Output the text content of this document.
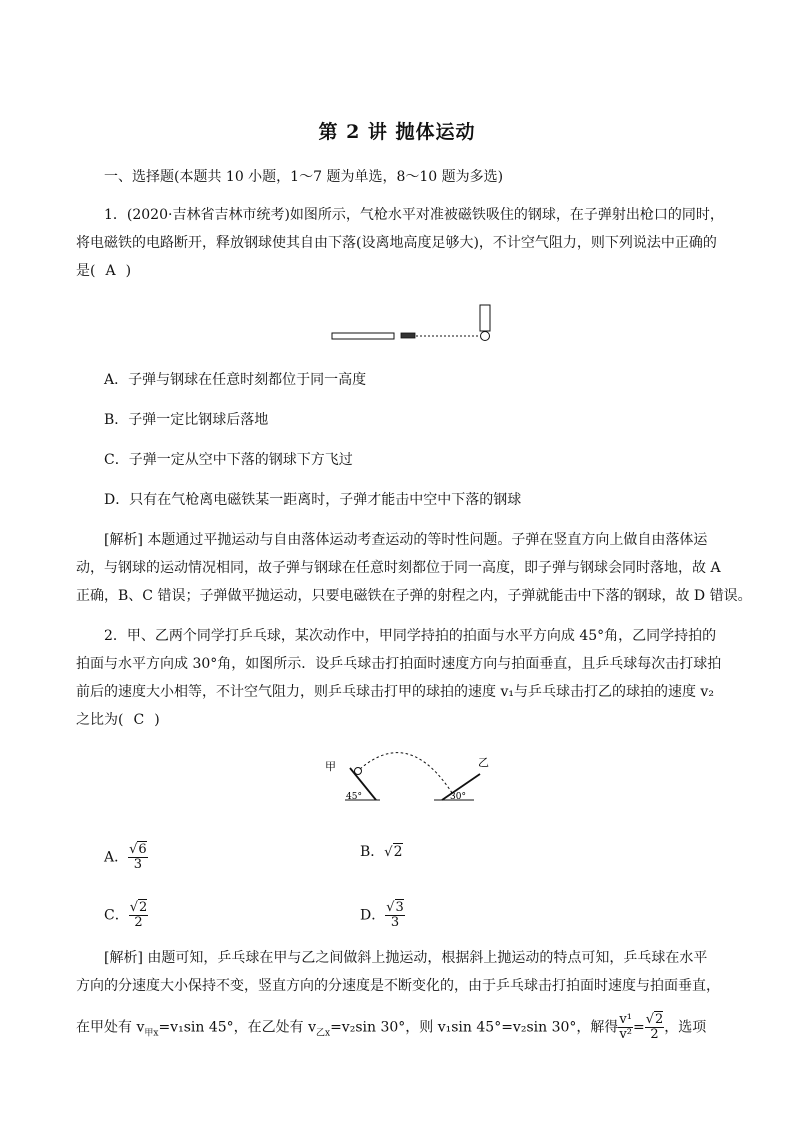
第 2 讲 抛体运动
一、选择题(本题共 10 小题，1～7 题为单选，8～10 题为多选)
1．(2020·吉林省吉林市统考)如图所示，气枪水平对准被磁铁吸住的钢球，在子弹射出枪口的同时，
将电磁铁的电路断开，释放钢球使其自由下落(设离地高度足够大)，不计空气阻力，则下列说法中正确的
是( A )
A．子弹与钢球在任意时刻都位于同一高度
B．子弹一定比钢球后落地
C．子弹一定从空中下落的钢球下方飞过
D．只有在气枪离电磁铁某一距离时，子弹才能击中空中下落的钢球
[解析] 本题通过平抛运动与自由落体运动考查运动的等时性问题。子弹在竖直方向上做自由落体运
动，与钢球的运动情况相同，故子弹与钢球在任意时刻都位于同一高度，即子弹与钢球会同时落地，故 A
正确，B、C 错误；子弹做平抛运动，只要电磁铁在子弹的射程之内，子弹就能击中下落的钢球，故 D 错误。
2．甲、乙两个同学打乒乓球，某次动作中，甲同学持拍的拍面与水平方向成 45°角，乙同学持拍的
拍面与水平方向成 30°角，如图所示．设乒乓球击打拍面时速度方向与拍面垂直，且乒乓球每次击打球拍
前后的速度大小相等，不计空气阻力，则乒乓球击打甲的球拍的速度 v₁与乒乓球击打乙的球拍的速度 v₂
之比为( C )
甲	乙
45°	30°
A． $\frac{√6}{3}$	B．√2
C． $\frac{√2}{2}$	D． $\frac{√3}{3}$
[解析] 由题可知，乒乓球在甲与乙之间做斜上抛运动，根据斜上抛运动的特点可知，乒乓球在水平
方向的分速度大小保持不变，竖直方向的分速度是不断变化的，由于乒乓球击打拍面时速度与拍面垂直，
在甲处有 $v_{甲x}=v_1\sin$ 45°，在乙处有 $v_{乙x}=v_2\sin$ 30°，则 v₁sin 45°=v₂sin 30°，解得 $\frac{\text{v¹}}{\text{v²}} = \frac{√2}{2}$ ，选项
